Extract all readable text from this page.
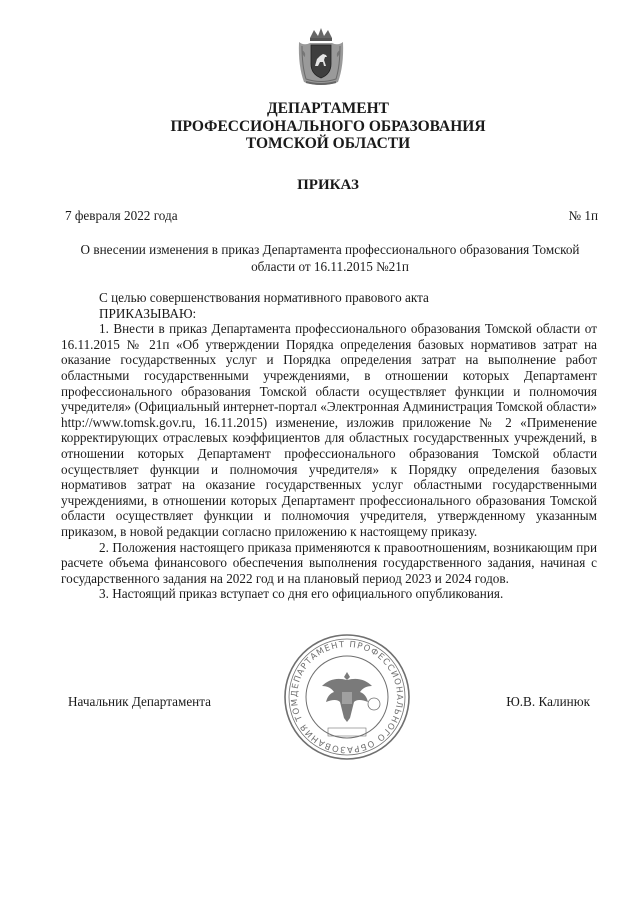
ДЕПАРТАМЕНТ
ПРОФЕССИОНАЛЬНОГО ОБРАЗОВАНИЯ
ТОМСКОЙ ОБЛАСТИ
ПРИКАЗ
7 февраля 2022 года	№ 1п
О внесении изменения в приказ Департамента профессионального образования Томской
области от 16.11.2015 №21п

С целью совершенствования нормативного правового акта

ПРИКАЗЫВАЮ:

1. Внести в приказ Департамента профессионального образования Томской области от 16.11.2015 № 21п «Об утверждении Порядка определения базовых нормативов затрат на оказание государственных услуг и Порядка определения затрат на выполнение работ областными государственными учреждениями, в отношении которых Департамент профессионального образования Томской области осуществляет функции и полномочия учредителя» (Официальный интернет-портал «Электронная Администрация Томской области» http://www.tomsk.gov.ru, 16.11.2015) изменение, изложив приложение № 2 «Применение корректирующих отраслевых коэффициентов для областных государственных учреждений, в отношении которых Департамент профессионального образования Томской области осуществляет функции и полномочия учредителя» к Порядку определения базовых нормативов затрат на оказание государственных услуг областными государственными учреждениями, в отношении которых Департамент профессионального образования Томской области осуществляет функции и полномочия учредителя, утвержденному указанным приказом, в новой редакции согласно приложению к настоящему приказу.

2. Положения настоящего приказа применяются к правоотношениям, возникающим при расчете объема финансового обеспечения выполнения государственного задания, начиная с государственного задания на 2022 год и на плановый период 2023 и 2024 годов.

3. Настоящий приказ вступает со дня его официального опубликования.

ДЕПАРТАМЕНТ ПРОФЕССИОНАЛЬНОГО ОБРАЗОВАНИЯ ТОМ
Начальник Департамента	Ю.В. Калинюк
